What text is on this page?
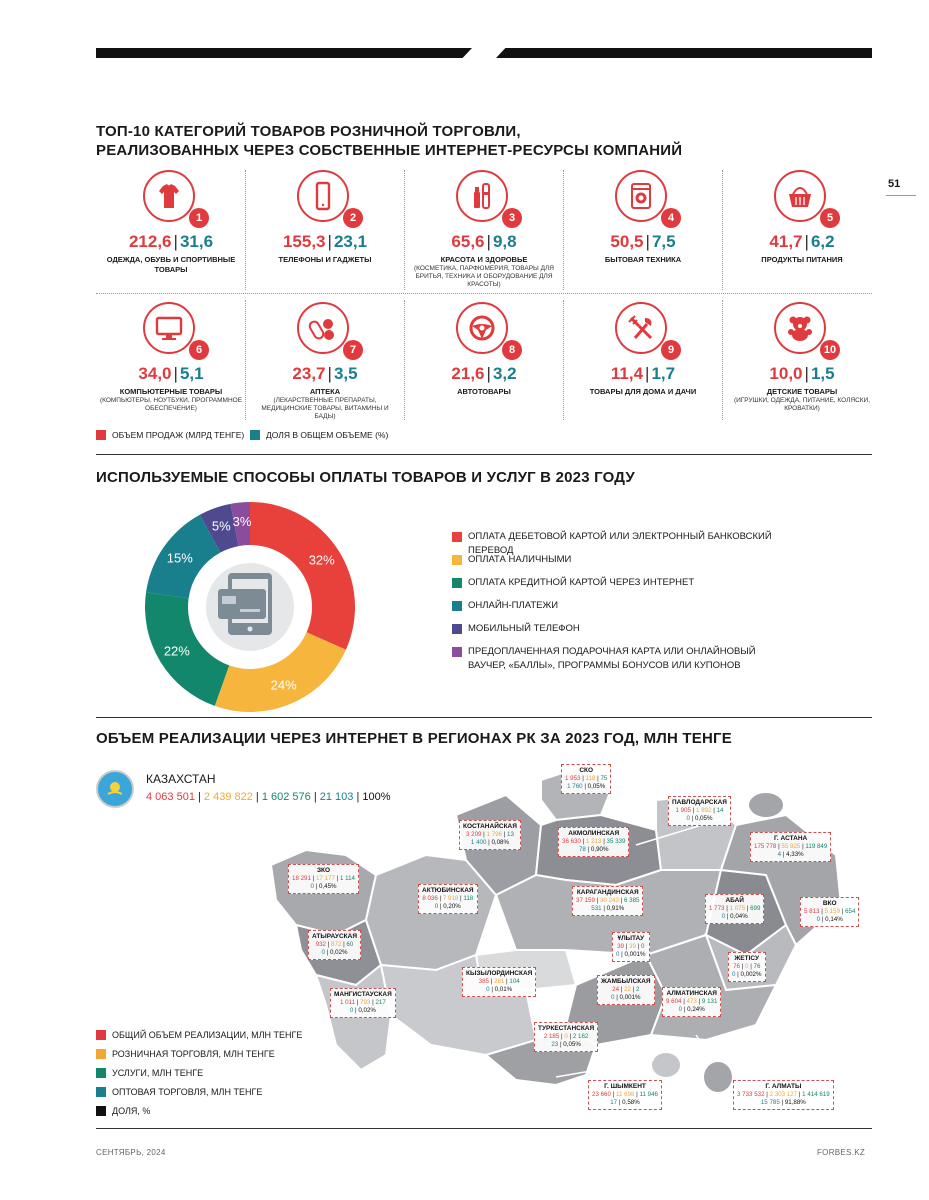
51
ТОП-10 КАТЕГОРИЙ ТОВАРОВ РОЗНИЧНОЙ ТОРГОВЛИ,
РЕАЛИЗОВАННЫХ ЧЕРЕЗ СОБСТВЕННЫЕ ИНТЕРНЕТ-РЕСУРСЫ КОМПАНИЙ
1
212,6 | 31,6
ОДЕЖДА, ОБУВЬ И СПОРТИВНЫЕ ТОВАРЫ
2
155,3 | 23,1
ТЕЛЕФОНЫ И ГАДЖЕТЫ
3
65,6 | 9,8
КРАСОТА И ЗДОРОВЬЕ
(КОСМЕТИКА, ПАРФЮМЕРИЯ, ТОВАРЫ ДЛЯ БРИТЬЯ, ТЕХНИКА И ОБОРУДОВАНИЕ ДЛЯ КРАСОТЫ)
4
50,5 | 7,5
БЫТОВАЯ ТЕХНИКА
5
41,7 | 6,2
ПРОДУКТЫ ПИТАНИЯ
6
34,0 | 5,1
КОМПЬЮТЕРНЫЕ ТОВАРЫ
(КОМПЬЮТЕРЫ, НОУТБУКИ, ПРОГРАММНОЕ ОБЕСПЕЧЕНИЕ)
7
23,7 | 3,5
АПТЕКА
(ЛЕКАРСТВЕННЫЕ ПРЕПАРАТЫ, МЕДИЦИНСКИЕ ТОВАРЫ, ВИТАМИНЫ И БАДЫ)
8
21,6 | 3,2
АВТОТОВАРЫ
9
11,4 | 1,7
ТОВАРЫ ДЛЯ ДОМА И ДАЧИ
10
10,0 | 1,5
ДЕТСКИЕ ТОВАРЫ
(ИГРУШКИ, ОДЕЖДА, ПИТАНИЕ, КОЛЯСКИ, КРОВАТКИ)
ОБЪЕМ ПРОДАЖ (МЛРД ТЕНГЕ)	ДОЛЯ В ОБЩЕМ ОБЪЕМЕ (%)
ИСПОЛЬЗУЕМЫЕ СПОСОБЫ ОПЛАТЫ ТОВАРОВ И УСЛУГ В 2023 ГОДУ
32%
24%
22%
15%
5% 3%
ОПЛАТА ДЕБЕТОВОЙ КАРТОЙ ИЛИ ЭЛЕКТРОННЫЙ БАНКОВСКИЙ ПЕРЕВОД
ОПЛАТА НАЛИЧНЫМИ
ОПЛАТА КРЕДИТНОЙ КАРТОЙ ЧЕРЕЗ ИНТЕРНЕТ
ОНЛАЙН-ПЛАТЕЖИ
МОБИЛЬНЫЙ ТЕЛЕФОН
ПРЕДОПЛАЧЕННАЯ ПОДАРОЧНАЯ КАРТА ИЛИ ОНЛАЙНОВЫЙ ВАУЧЕР, «БАЛЛЫ», ПРОГРАММЫ БОНУСОВ ИЛИ КУПОНОВ
ОБЪЕМ РЕАЛИЗАЦИИ ЧЕРЕЗ ИНТЕРНЕТ В РЕГИОНАХ РК ЗА 2023 ГОД, МЛН ТЕНГЕ
КАЗАХСТАН
4 063 501 | 2 439 822 | 1 602 576 | 21 103 | 100%
СКО
1 953 | 118 | 75
1 760 | 0,05%
ПАВЛОДАРСКАЯ
1 905 | 1 892 | 14
0 | 0,05%
КОСТАНАЙСКАЯ
3 209 | 1 796 | 13
1 400 | 0,08%
АКМОЛИНСКАЯ
36 630 | 1 213 | 35 339
78 | 0,90%
Г. АСТАНА
175 778 | 55 925 | 119 849
4 | 4,33%
ЗКО
18 291 | 17 177 | 1 114
0 | 0,45%
АКТЮБИНСКАЯ
8 036 | 7 918 | 118
0 | 0,20%
КАРАГАНДИНСКАЯ
37 159 | 30 243 | 6 385
531 | 0,91%
АБАЙ
1 773 | 1 075 | 699
0 | 0,04%
ВКО
5 813 | 5 159 | 654
0 | 0,14%
АТЫРАУСКАЯ
932 | 872 | 60
0 | 0,02%
ҰЛЫТАУ
39 | 39 | 0
0 | 0,001%
ЖЕТІСУ
76 | 0 | 76
0 | 0,002%
МАНГИСТАУСКАЯ
1 011 | 793 | 217
0 | 0,02%
КЫЗЫЛОРДИНСКАЯ
385 | 281 | 104
0 | 0,01%
ЖАМБЫЛСКАЯ
24 | 22 | 2
0 | 0,001%
АЛМАТИНСКАЯ
9 604 | 473 | 9 131
0 | 0,24%
ТУРКЕСТАНСКАЯ
2 185 | 0 | 2 162
23 | 0,05%
Г. ШЫМКЕНТ
23 660 | 11 698 | 11 946
17 | 0,58%
Г. АЛМАТЫ
3 733 532 | 2 303 127 | 1 414 619
15 785 | 91,88%
ОБЩИЙ ОБЪЕМ РЕАЛИЗАЦИИ, МЛН ТЕНГЕ
РОЗНИЧНАЯ ТОРГОВЛЯ, МЛН ТЕНГЕ
УСЛУГИ, МЛН ТЕНГЕ
ОПТОВАЯ ТОРГОВЛЯ, МЛН ТЕНГЕ
ДОЛЯ, %
СЕНТЯБРЬ, 2024	FORBES.KZ
